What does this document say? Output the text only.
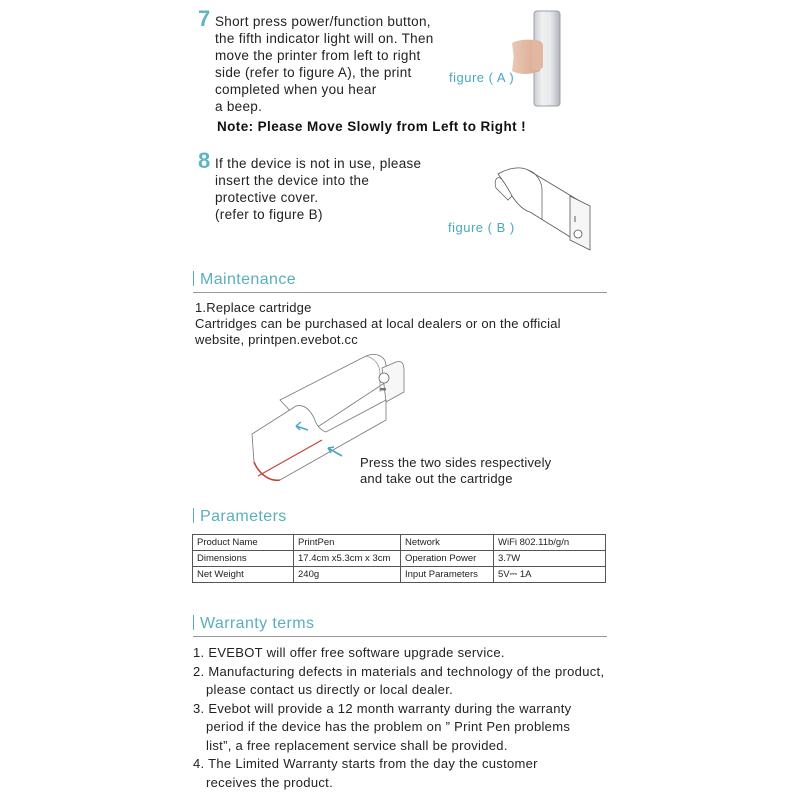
7 Short press power/function button,
the fifth indicator light will on. Then
move the printer from left to right
side (refer to figure A), the print
completed when you hear
a beep.
Note: Please Move Slowly from Left to Right !
figure ( A )
8 If the device is not in use, please
insert the device into the
protective cover.
(refer to figure B)
figure ( B )
Maintenance
1.Replace cartridge
Cartridges can be purchased at local dealers or on the official
website, printpen.evebot.cc
Press the two sides respectively
and take out the cartridge
Parameters
Product Name	PrintPen	Network	WiFi 802.11b/g/n
Dimensions	17.4cm x5.3cm x 3cm	Operation Power	3.7W
Net Weight	240g	Input Parameters	5V⎓ 1A
Warranty terms
1. EVEBOT will offer free software upgrade service.
2. Manufacturing defects in materials and technology of the product,
please contact us directly or local dealer.
3. Evebot will provide a 12 month warranty during the warranty
period if the device has the problem on ” Print Pen problems
list”, a free replacement service shall be provided.
4. The Limited Warranty starts from the day the customer
receives the product.
